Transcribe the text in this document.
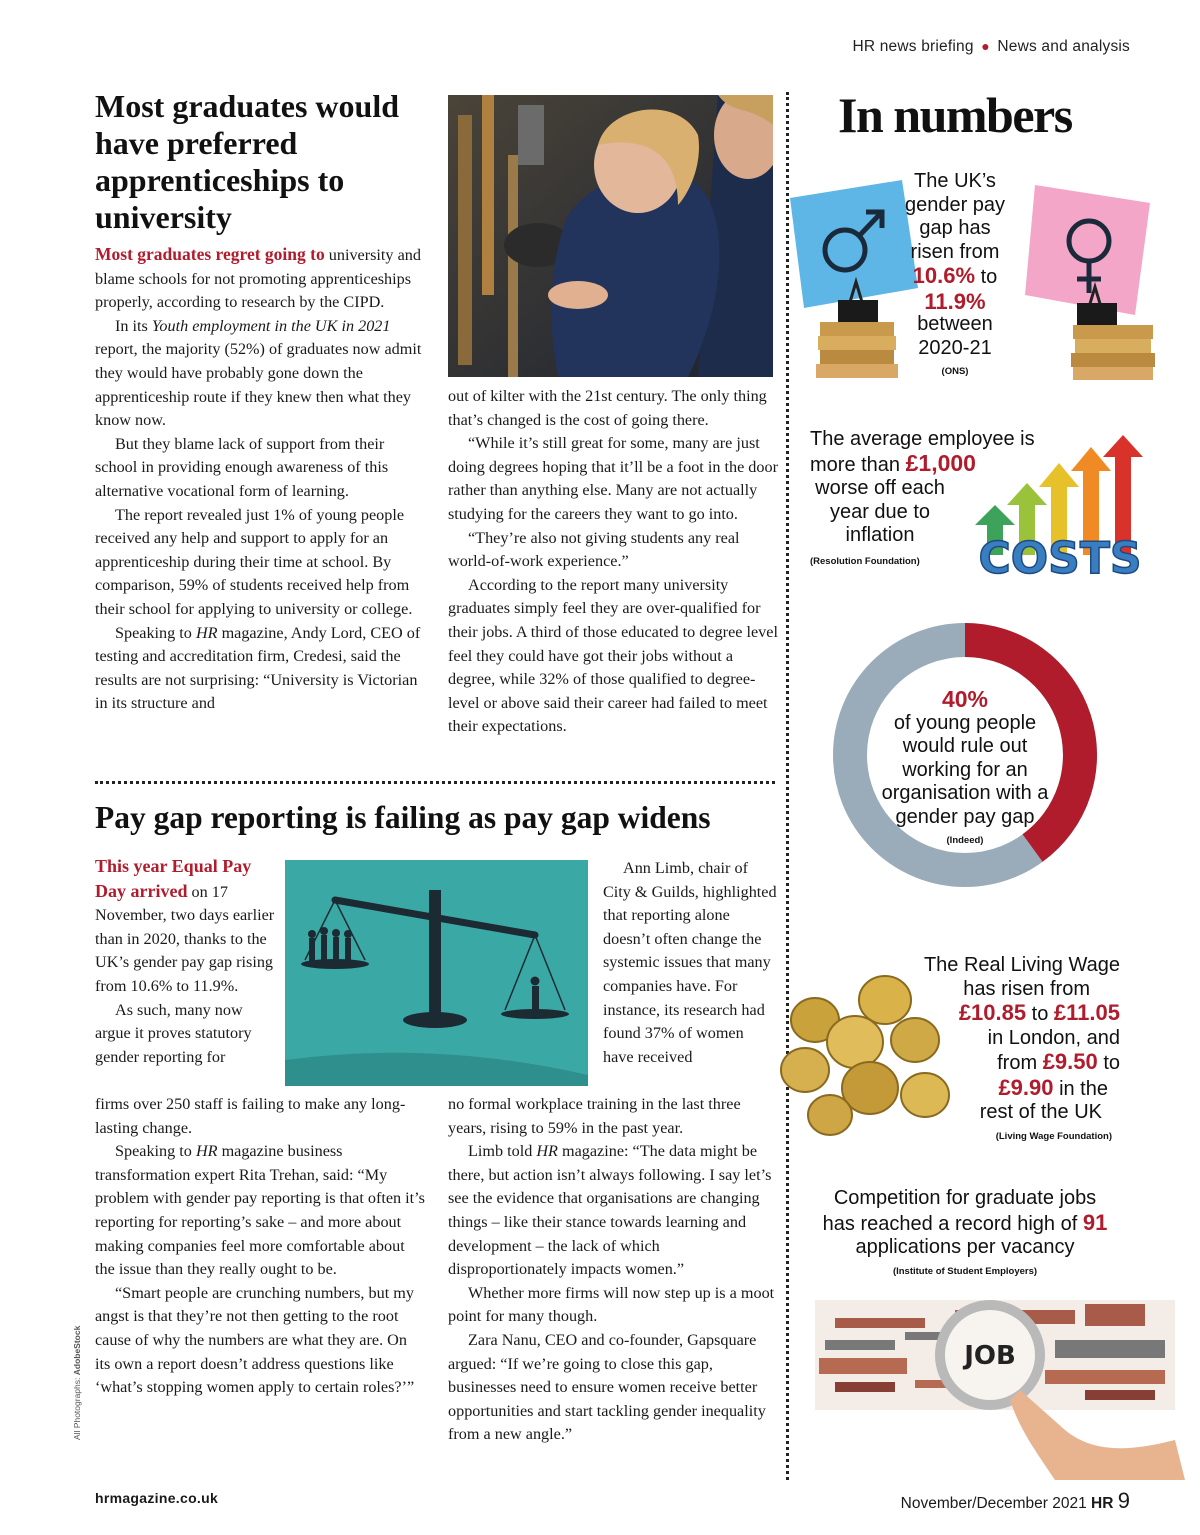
HR news briefing ● News and analysis
Most graduates would have preferred apprenticeships to university

Most graduates regret going to university and blame schools for not promoting apprenticeships properly, according to research by the CIPD.

In its Youth employment in the UK in 2021 report, the majority (52%) of graduates now admit they would have probably gone down the apprenticeship route if they knew then what they know now.

But they blame lack of support from their school in providing enough awareness of this alternative vocational form of learning.

The report revealed just 1% of young people received any help and support to apply for an apprenticeship during their time at school. By comparison, 59% of students received help from their school for applying to university or college.

Speaking to HR magazine, Andy Lord, CEO of testing and accreditation firm, Credesi, said the results are not surprising: “University is Victorian in its structure and

out of kilter with the 21st century. The only thing that’s changed is the cost of going there.

“While it’s still great for some, many are just doing degrees hoping that it’ll be a foot in the door rather than anything else. Many are not actually studying for the careers they want to go into.

“They’re also not giving students any real world-of-work experience.”

According to the report many university graduates simply feel they are over-qualified for their jobs. A third of those educated to degree level feel they could have got their jobs without a degree, while 32% of those qualified to degree-level or above said their career had failed to meet their expectations.

Pay gap reporting is failing as pay gap widens

This year Equal Pay Day arrived on 17 November, two days earlier than in 2020, thanks to the UK’s gender pay gap rising from 10.6% to 11.9%.

As such, many now argue it proves statutory gender reporting for

firms over 250 staff is failing to make any long-lasting change.

Speaking to HR magazine business transformation expert Rita Trehan, said: “My problem with gender pay reporting is that often it’s reporting for reporting’s sake – and more about making companies feel more comfortable about the issue than they really ought to be.

“Smart people are crunching numbers, but my angst is that they’re not then getting to the root cause of why the numbers are what they are. On its own a report doesn’t address questions like ‘what’s stopping women apply to certain roles?’”

Ann Limb, chair of City & Guilds, highlighted that reporting alone doesn’t often change the systemic issues that many companies have. For instance, its research had found 37% of women have received

no formal workplace training in the last three years, rising to 59% in the past year.

Limb told HR magazine: “The data might be there, but action isn’t always following. I say let’s see the evidence that organisations are changing things – like their stance towards learning and development – the lack of which disproportionately impacts women.”

Whether more firms will now step up is a moot point for many though.

Zara Nanu, CEO and co-founder, Gapsquare argued: “If we’re going to close this gap, businesses need to ensure women receive better opportunities and start tackling gender inequality from a new angle.”

All Photographs: AdobeStock
In numbers
The UK’s
gender pay
gap has
risen from
10.6% to
11.9%
between
2020-21
(ONS)
COSTS
The average employee is
more than £1,000
worse off each
year due to
inflation
(Resolution Foundation)
40%
of young people
would rule out
working for an
organisation with a
gender pay gap
(Indeed)
The Real Living Wage
has risen from
£10.85 to £11.05
in London, and
from £9.50 to
£9.90 in the
rest of the UK
(Living Wage Foundation)
Competition for graduate jobs
has reached a record high of 91
applications per vacancy
(Institute of Student Employers)
JOB
hrmagazine.co.uk	November/December 2021 HR 9
